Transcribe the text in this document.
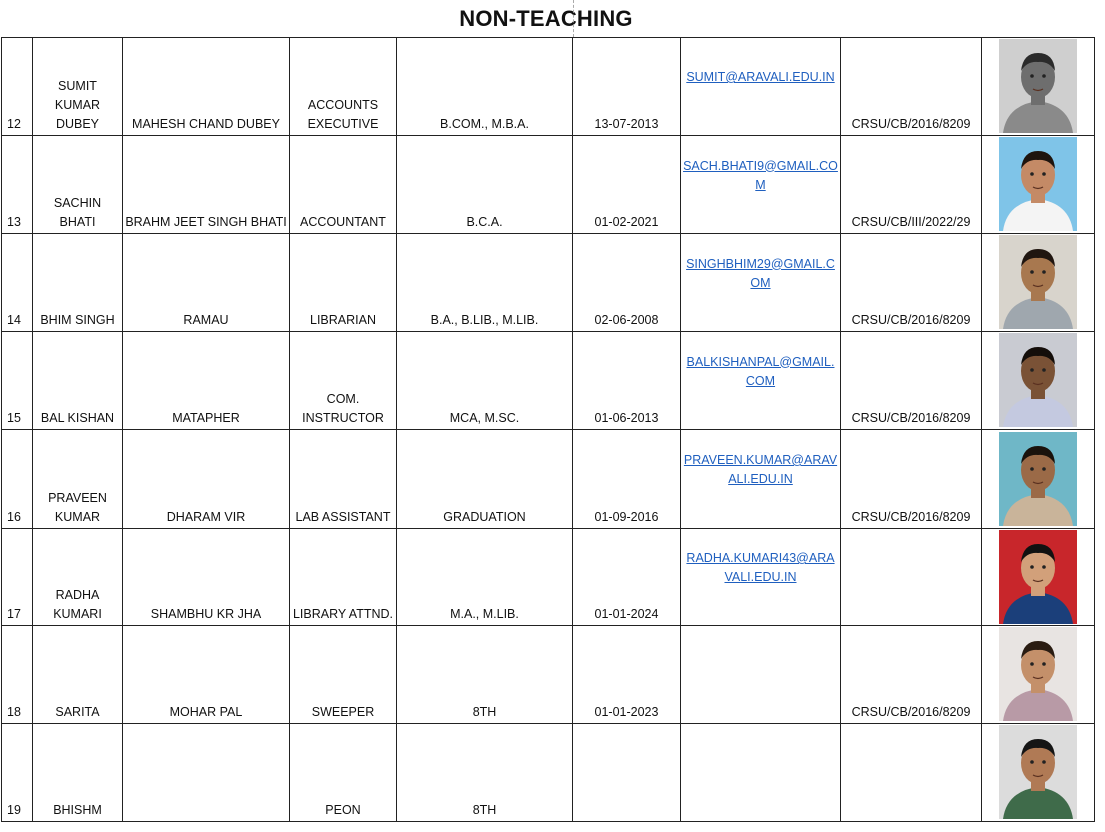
NON-TEACHING
12	SUMIT KUMAR DUBEY	MAHESH CHAND DUBEY	ACCOUNTS EXECUTIVE	B.COM., M.B.A.	13-07-2013	SUMIT@ARAVALI.EDU.IN	CRSU/CB/2016/8209	

13	SACHIN BHATI	BRAHM JEET SINGH BHATI	ACCOUNTANT	B.C.A.	01-02-2021	SACH.BHATI9@GMAIL.COM	CRSU/CB/III/2022/29	

14	BHIM SINGH	RAMAU	LIBRARIAN	B.A., B.LIB., M.LIB.	02-06-2008	SINGHBHIM29@GMAIL.COM	CRSU/CB/2016/8209	

15	BAL KISHAN	MATAPHER	COM. INSTRUCTOR	MCA, M.SC.	01-06-2013	BALKISHANPAL@GMAIL.COM	CRSU/CB/2016/8209	

16	PRAVEEN KUMAR	DHARAM VIR	LAB ASSISTANT	GRADUATION	01-09-2016	PRAVEEN.KUMAR@ARAVALI.EDU.IN	CRSU/CB/2016/8209	

17	RADHA KUMARI	SHAMBHU KR JHA	LIBRARY ATTND.	M.A., M.LIB.	01-01-2024	RADHA.KUMARI43@ARAVALI.EDU.IN		

18	SARITA	MOHAR PAL	SWEEPER	8TH	01-01-2023		CRSU/CB/2016/8209	

19	BHISHM		PEON	8TH				
